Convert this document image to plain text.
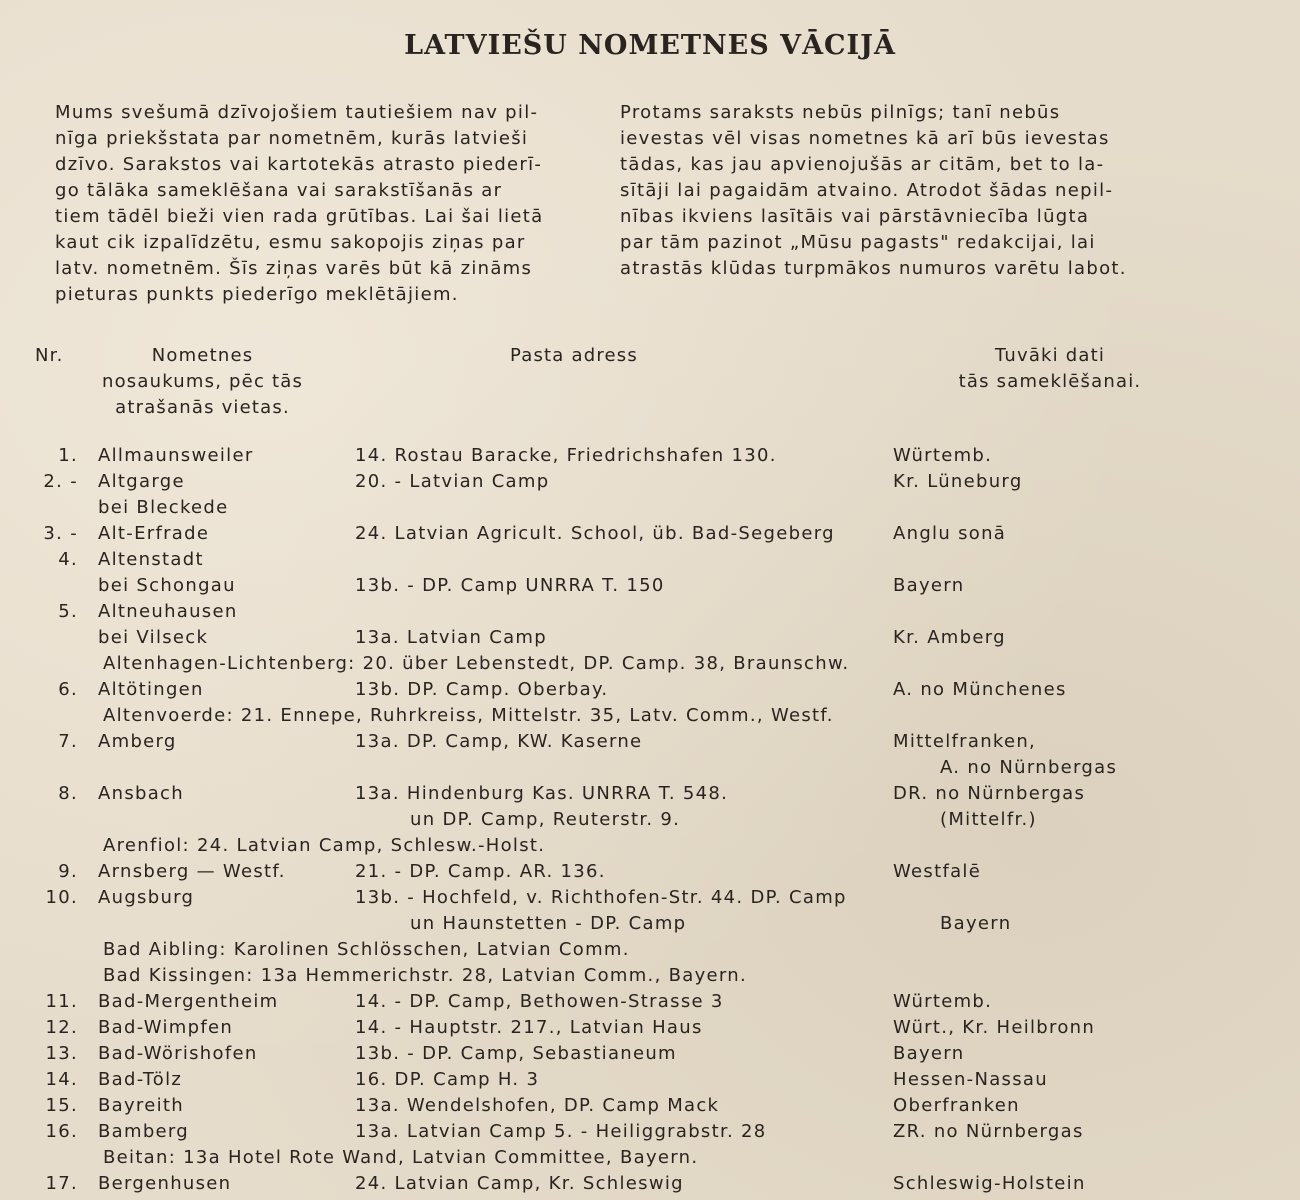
LATVIEŠU NOMETNES VĀCIJĀ
Mums svešumā dzīvojošiem tautiešiem nav pil-
nīga priekšstata par nometnēm, kurās latvieši
dzīvo. Sarakstos vai kartotekās atrasto piederī-
go tālāka sameklēšana vai sarakstīšanās ar
tiem tādēl bieži vien rada grūtības. Lai šai lietā
kaut cik izpalīdzētu, esmu sakopojis ziņas par
latv. nometnēm. Šīs ziņas varēs būt kā zināms
pieturas punkts piederīgo meklētājiem.
Protams saraksts nebūs pilnīgs; tanī nebūs
ievestas vēl visas nometnes kā arī būs ievestas
tādas, kas jau apvienojušās ar citām, bet to la-
sītāji lai pagaidām atvaino. Atrodot šādas nepil-
nības ikviens lasītāis vai pārstāvniecība lūgta
par tām pazinot „Mūsu pagasts" redakcijai, lai
atrastās klūdas turpmākos numuros varētu labot.
Nr.	Nometnes
nosaukums, pēc tās
atrašanās vietas.
Pasta adress	Tuvāki dati
tās sameklēšanai.
1. Allmaunsweiler	14. Rostau Baracke, Friedrichshafen 130.	Würtemb.
2. - Altgarge	20. - Latvian Camp	Kr. Lüneburg
bei Bleckede
3. - Alt-Erfrade	24. Latvian Agricult. School, üb. Bad-Segeberg	Anglu sonā
4. Altenstadt
bei Schongau	13b. - DP. Camp UNRRA T. 150	Bayern
5. Altneuhausen
bei Vilseck	13a. Latvian Camp	Kr. Amberg
Altenhagen-Lichtenberg: 20. über Lebenstedt, DP. Camp. 38, Braunschw.
6. Altötingen	13b. DP. Camp. Oberbay.	A. no Münchenes
Altenvoerde: 21. Ennepe, Ruhrkreiss, Mittelstr. 35, Latv. Comm., Westf.
7. Amberg	13a. DP. Camp, KW. Kaserne	Mittelfranken,
A. no Nürnbergas
8. Ansbach	13a. Hindenburg Kas. UNRRA T. 548.	DR. no Nürnbergas
un DP. Camp, Reuterstr. 9.	(Mittelfr.)
Arenfiol: 24. Latvian Camp, Schlesw.-Holst.
9. Arnsberg — Westf.	21. - DP. Camp. AR. 136.	Westfalē
10. Augsburg	13b. - Hochfeld, v. Richthofen-Str. 44. DP. Camp
un Haunstetten - DP. Camp	Bayern
Bad Aibling: Karolinen Schlösschen, Latvian Comm.
Bad Kissingen: 13a Hemmerichstr. 28, Latvian Comm., Bayern.
11. Bad-Mergentheim	14. - DP. Camp, Bethowen-Strasse 3	Würtemb.
12. Bad-Wimpfen	14. - Hauptstr. 217., Latvian Haus	Würt., Kr. Heilbronn
13. Bad-Wörishofen	13b. - DP. Camp, Sebastianeum	Bayern
14. Bad-Tölz	16. DP. Camp H. 3	Hessen-Nassau
15. Bayreith	13a. Wendelshofen, DP. Camp Mack	Oberfranken
16. Bamberg	13a. Latvian Camp 5. - Heiliggrabstr. 28	ZR. no Nürnbergas
Beitan: 13a Hotel Rote Wand, Latvian Committee, Bayern.
17. Bergenhusen	24. Latvian Camp, Kr. Schleswig	Schleswig-Holstein
